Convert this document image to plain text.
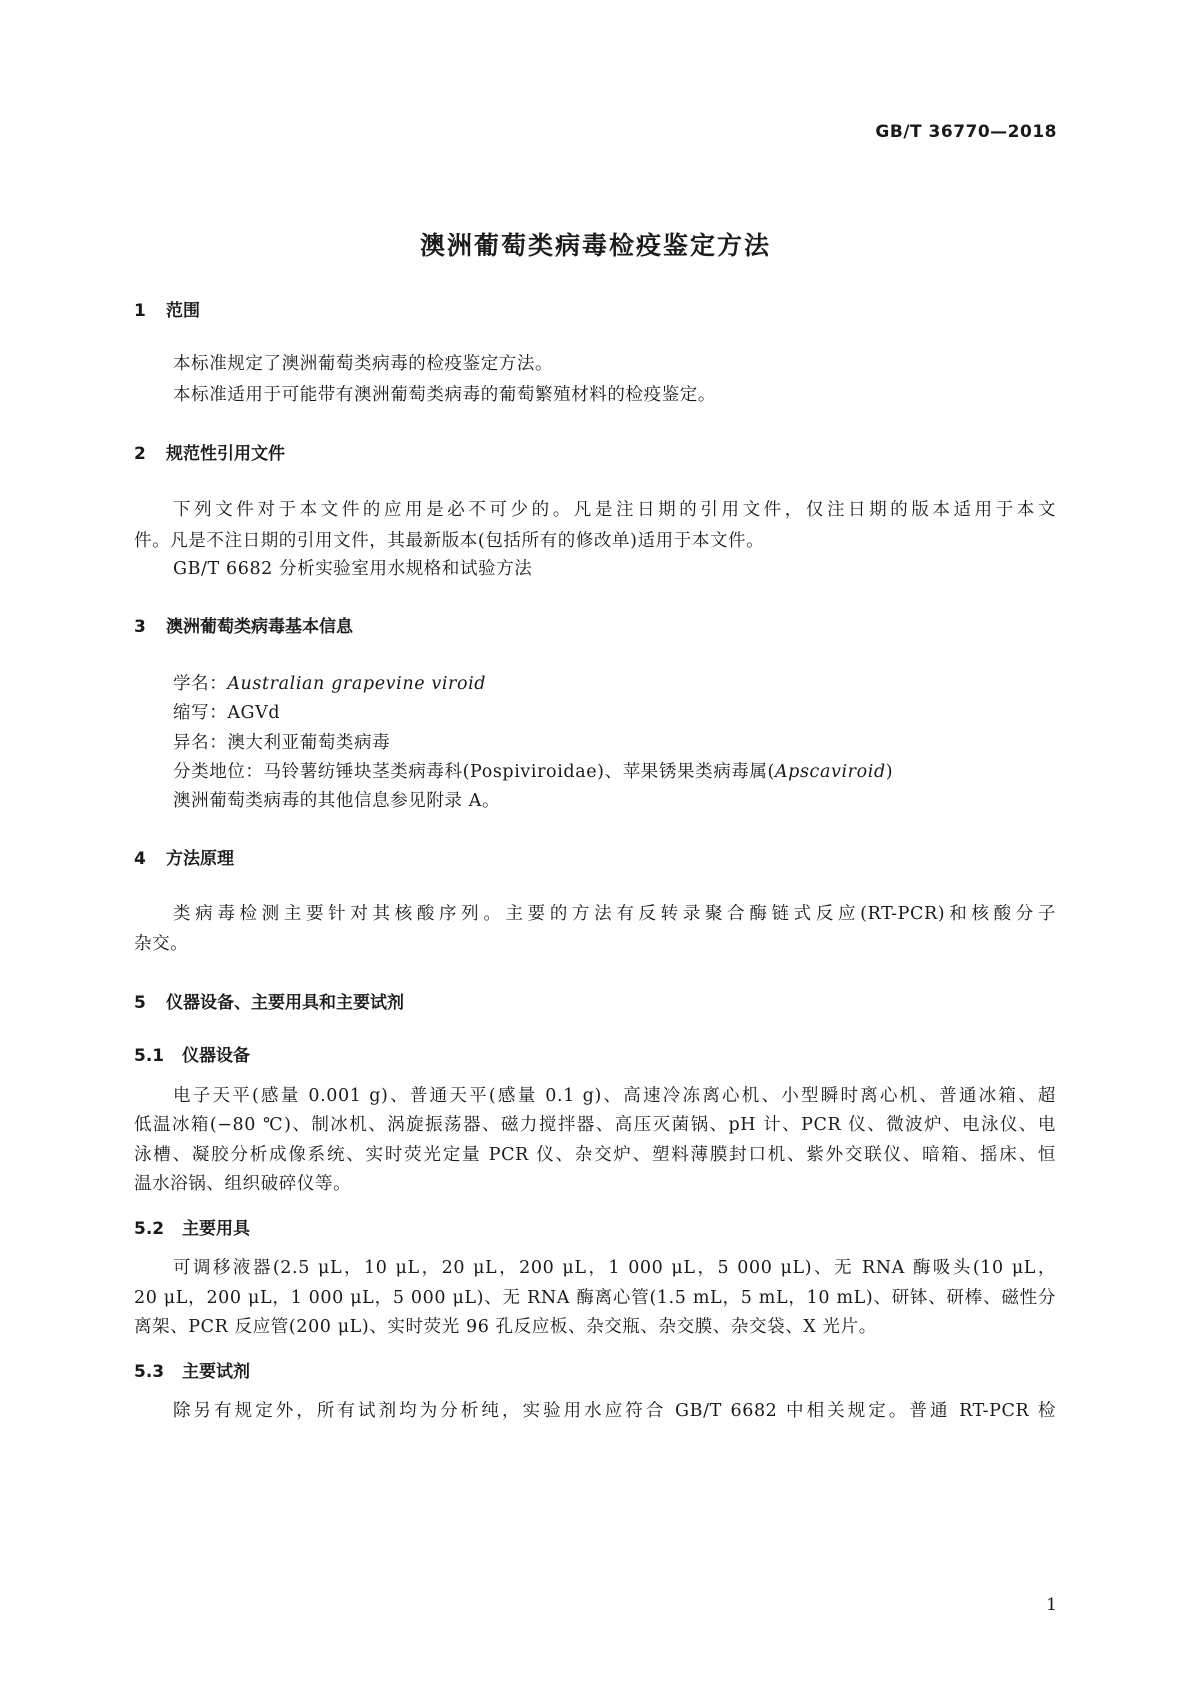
GB/T 36770—2018
澳洲葡萄类病毒检疫鉴定方法
1 范围
本标准规定了澳洲葡萄类病毒的检疫鉴定方法。
本标准适用于可能带有澳洲葡萄类病毒的葡萄繁殖材料的检疫鉴定。
2 规范性引用文件
下列文件对于本文件的应用是必不可少的。凡是注日期的引用文件，仅注日期的版本适用于本文
件。凡是不注日期的引用文件，其最新版本(包括所有的修改单)适用于本文件。
GB/T 6682 分析实验室用水规格和试验方法
3 澳洲葡萄类病毒基本信息
学名：Australian grapevine viroid
缩写：AGVd
异名：澳大利亚葡萄类病毒
分类地位：马铃薯纺锤块茎类病毒科(Pospiviroidae)、苹果锈果类病毒属(Apscaviroid)
澳洲葡萄类病毒的其他信息参见附录 A。
4 方法原理
类病毒检测主要针对其核酸序列。主要的方法有反转录聚合酶链式反应(RT-PCR)和核酸分子
杂交。
5 仪器设备、主要用具和主要试剂
5.1 仪器设备
电子天平(感量 0.001 g)、普通天平(感量 0.1 g)、高速冷冻离心机、小型瞬时离心机、普通冰箱、超
低温冰箱(−80 ℃)、制冰机、涡旋振荡器、磁力搅拌器、高压灭菌锅、pH 计、PCR 仪、微波炉、电泳仪、电
泳槽、凝胶分析成像系统、实时荧光定量 PCR 仪、杂交炉、塑料薄膜封口机、紫外交联仪、暗箱、摇床、恒
温水浴锅、组织破碎仪等。
5.2 主要用具
可调移液器(2.5 μL，10 μL，20 μL，200 μL，1 000 μL，5 000 μL)、无 RNA 酶吸头(10 μL，
20 μL，200 μL，1 000 μL，5 000 μL)、无 RNA 酶离心管(1.5 mL，5 mL，10 mL)、研钵、研棒、磁性分
离架、PCR 反应管(200 μL)、实时荧光 96 孔反应板、杂交瓶、杂交膜、杂交袋、X 光片。
5.3 主要试剂
除另有规定外，所有试剂均为分析纯，实验用水应符合 GB/T 6682 中相关规定。普通 RT-PCR 检
1
